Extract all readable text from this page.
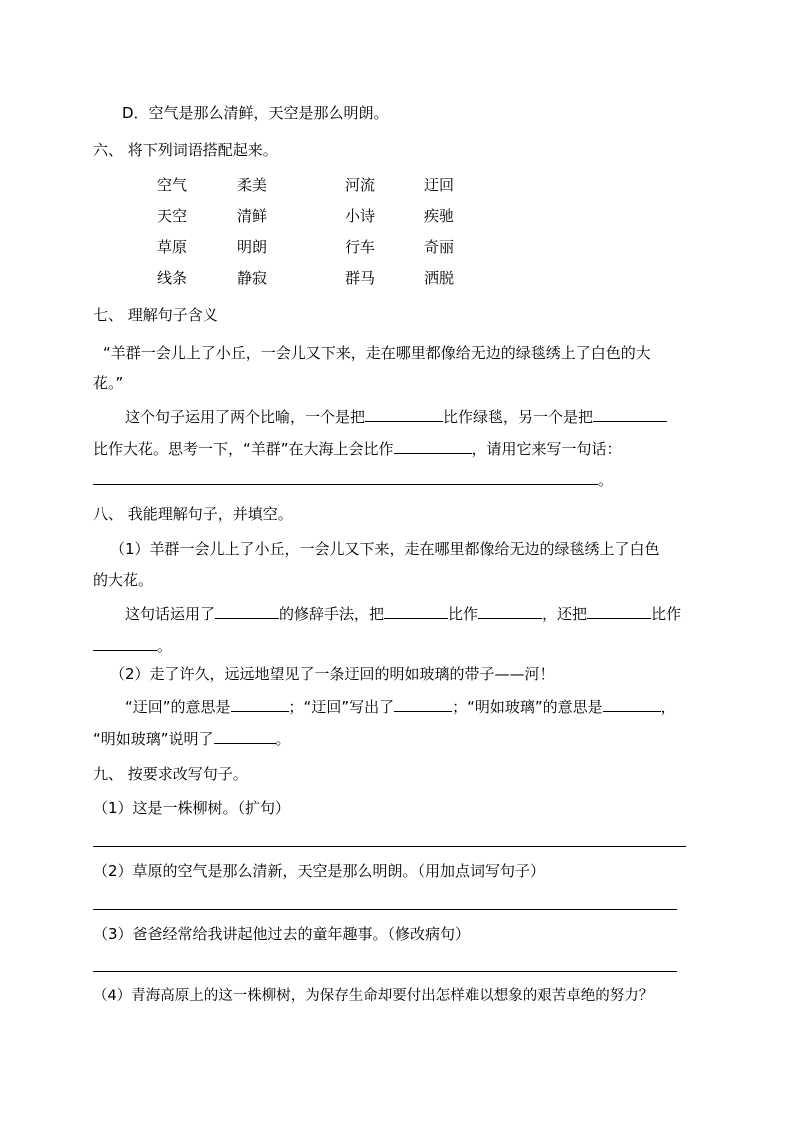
D．空气是那么清鲜，天空是那么明朗。
六、 将下列词语搭配起来。
空气	柔美	河流	迂回
天空	清鲜	小诗	疾驰
草原	明朗	行车	奇丽
线条	静寂	群马	洒脱
七、 理解句子含义
“羊群一会儿上了小丘，一会儿又下来，走在哪里都像给无边的绿毯绣上了白色的大
花。”
这个句子运用了两个比喻，一个是把	比作绿毯，另一个是把
比作大花。思考一下，“羊群”在大海上会比作	，请用它来写一句话：
。
八、 我能理解句子，并填空。
（1）羊群一会儿上了小丘，一会儿又下来，走在哪里都像给无边的绿毯绣上了白色
的大花。
这句话运用了	的修辞手法，把	比作	，还把	比作
。
（2）走了许久，远远地望见了一条迂回的明如玻璃的带子——河！
“迂回”的意思是	；“迂回”写出了	；“明如玻璃”的意思是	，
“明如玻璃”说明了	。
九、 按要求改写句子。
（1）这是一株柳树。（扩句）
（2）草原的空气是那么清新，天空是那么明朗。（用加点词写句子）
（3）爸爸经常给我讲起他过去的童年趣事。（修改病句）
（4）青海高原上的这一株柳树，为保存生命却要付出怎样难以想象的艰苦卓绝的努力？
